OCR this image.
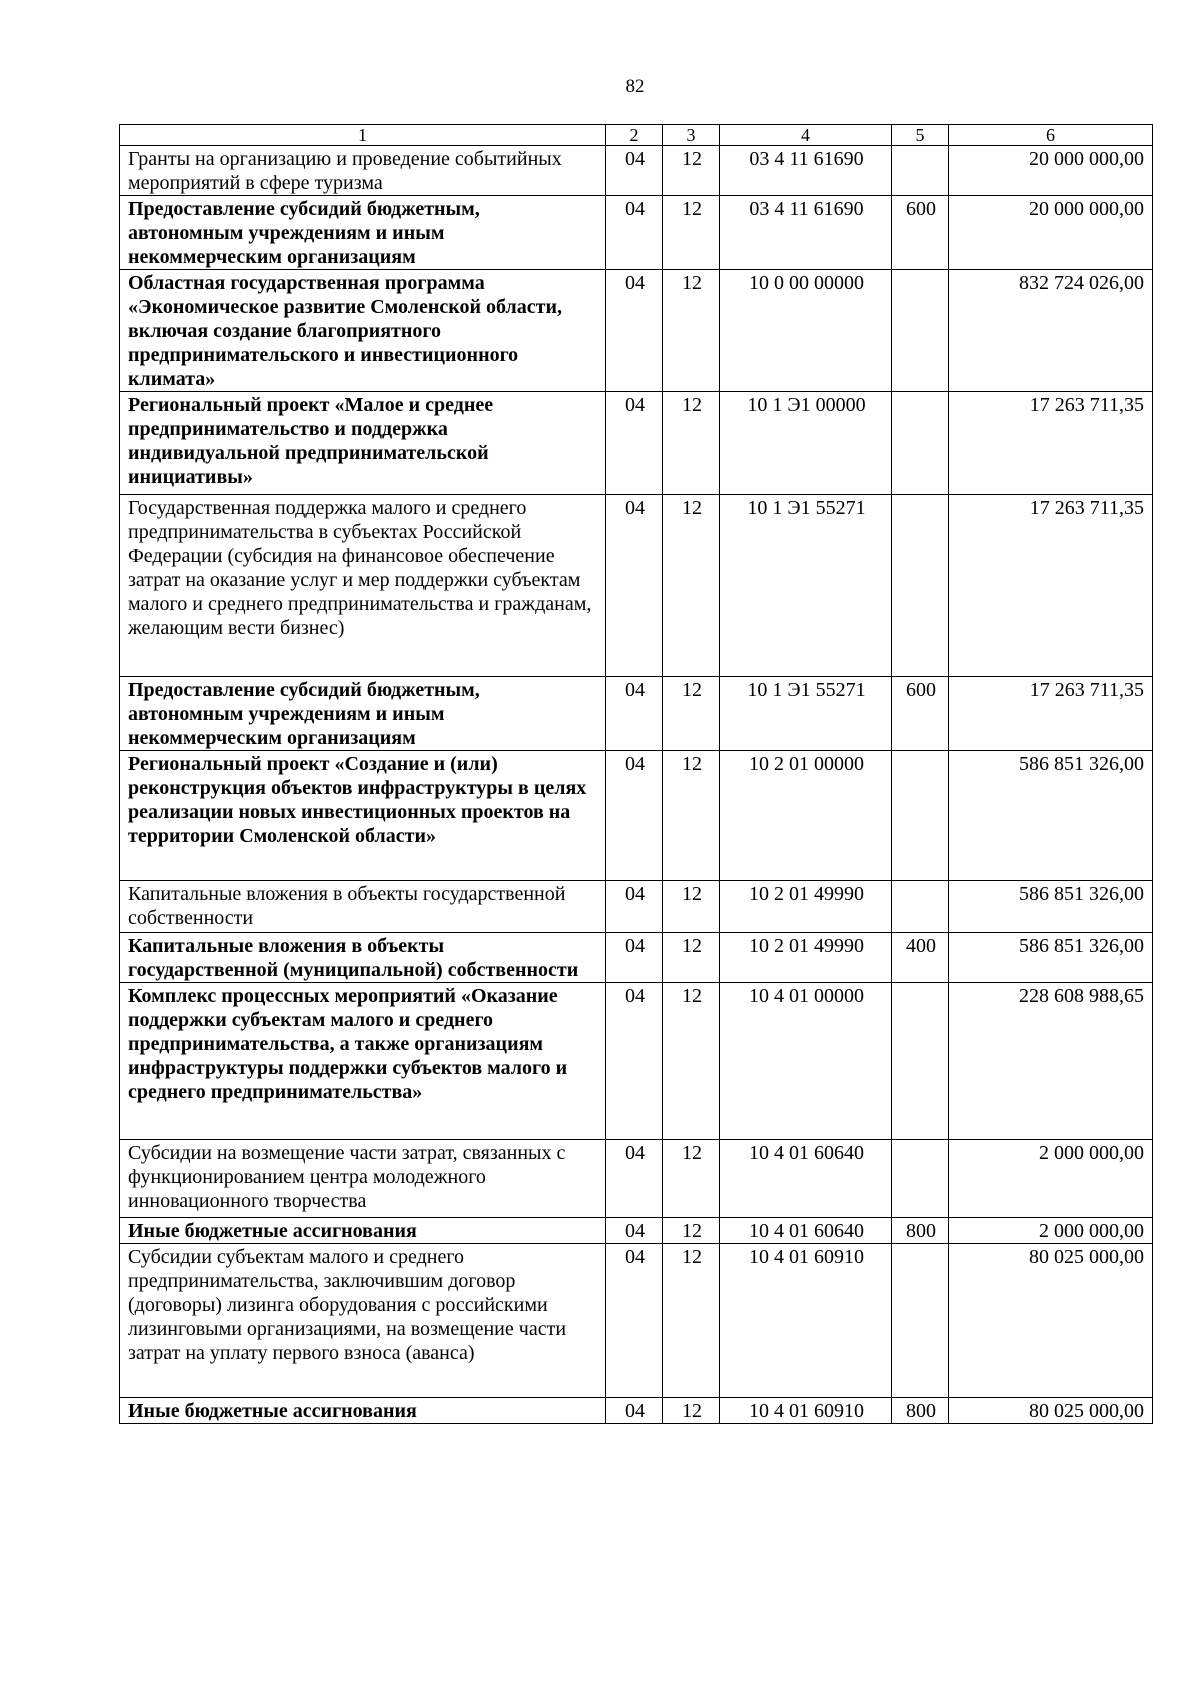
82
1	2	3	4	5	6
Гранты на организацию и проведение событийных мероприятий в сфере туризма	04	12	03 4 11 61690		20 000 000,00
Предоставление субсидий бюджетным, автономным учреждениям и иным некоммерческим организациям	04	12	03 4 11 61690	600	20 000 000,00
Областная государственная программа «Экономическое развитие Смоленской области, включая создание благоприятного предпринимательского и инвестиционного климата»	04	12	10 0 00 00000		832 724 026,00
Региональный проект «Малое и среднее предпринимательство и поддержка индивидуальной предпринимательской инициативы»	04	12	10 1 Э1 00000		17 263 711,35
Государственная поддержка малого и среднего предпринимательства в субъектах Российской Федерации (субсидия на финансовое обеспечение затрат на оказание услуг и мер поддержки субъектам малого и среднего предпринимательства и гражданам, желающим вести бизнес)	04	12	10 1 Э1 55271		17 263 711,35
Предоставление субсидий бюджетным, автономным учреждениям и иным некоммерческим организациям	04	12	10 1 Э1 55271	600	17 263 711,35
Региональный проект «Создание и (или) реконструкция объектов инфраструктуры в целях реализации новых инвестиционных проектов на территории Смоленской области»	04	12	10 2 01 00000		586 851 326,00
Капитальные вложения в объекты государственной собственности	04	12	10 2 01 49990		586 851 326,00
Капитальные вложения в объекты государственной (муниципальной) собственности	04	12	10 2 01 49990	400	586 851 326,00
Комплекс процессных мероприятий «Оказание поддержки субъектам малого и среднего предпринимательства, а также организациям инфраструктуры поддержки субъектов малого и среднего предпринимательства»	04	12	10 4 01 00000		228 608 988,65
Субсидии на возмещение части затрат, связанных с функционированием центра молодежного инновационного творчества	04	12	10 4 01 60640		2 000 000,00
Иные бюджетные ассигнования	04	12	10 4 01 60640	800	2 000 000,00
Субсидии субъектам малого и среднего предпринимательства, заключившим договор (договоры) лизинга оборудования с российскими лизинговыми организациями, на возмещение части затрат на уплату первого взноса (аванса)	04	12	10 4 01 60910		80 025 000,00
Иные бюджетные ассигнования	04	12	10 4 01 60910	800	80 025 000,00
